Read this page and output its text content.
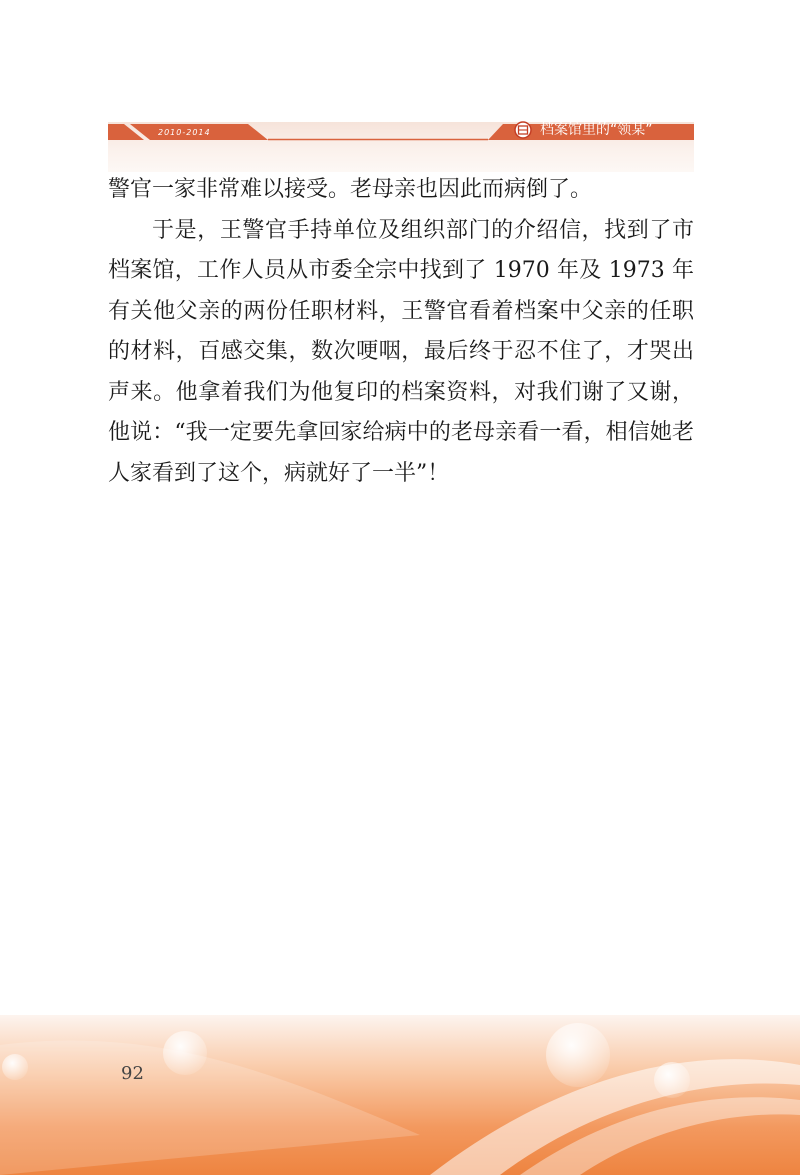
2010-2014	档案馆里的“领某”

警官一家非常难以接受。老母亲也因此而病倒了。

于是，王警官手持单位及组织部门的介绍信，找到了市档案馆，工作人员从市委全宗中找到了 1970 年及 1973 年有关他父亲的两份任职材料，王警官看着档案中父亲的任职的材料，百感交集，数次哽咽，最后终于忍不住了，才哭出声来。他拿着我们为他复印的档案资料，对我们谢了又谢，他说：“我一定要先拿回家给病中的老母亲看一看，相信她老人家看到了这个，病就好了一半”！

92
